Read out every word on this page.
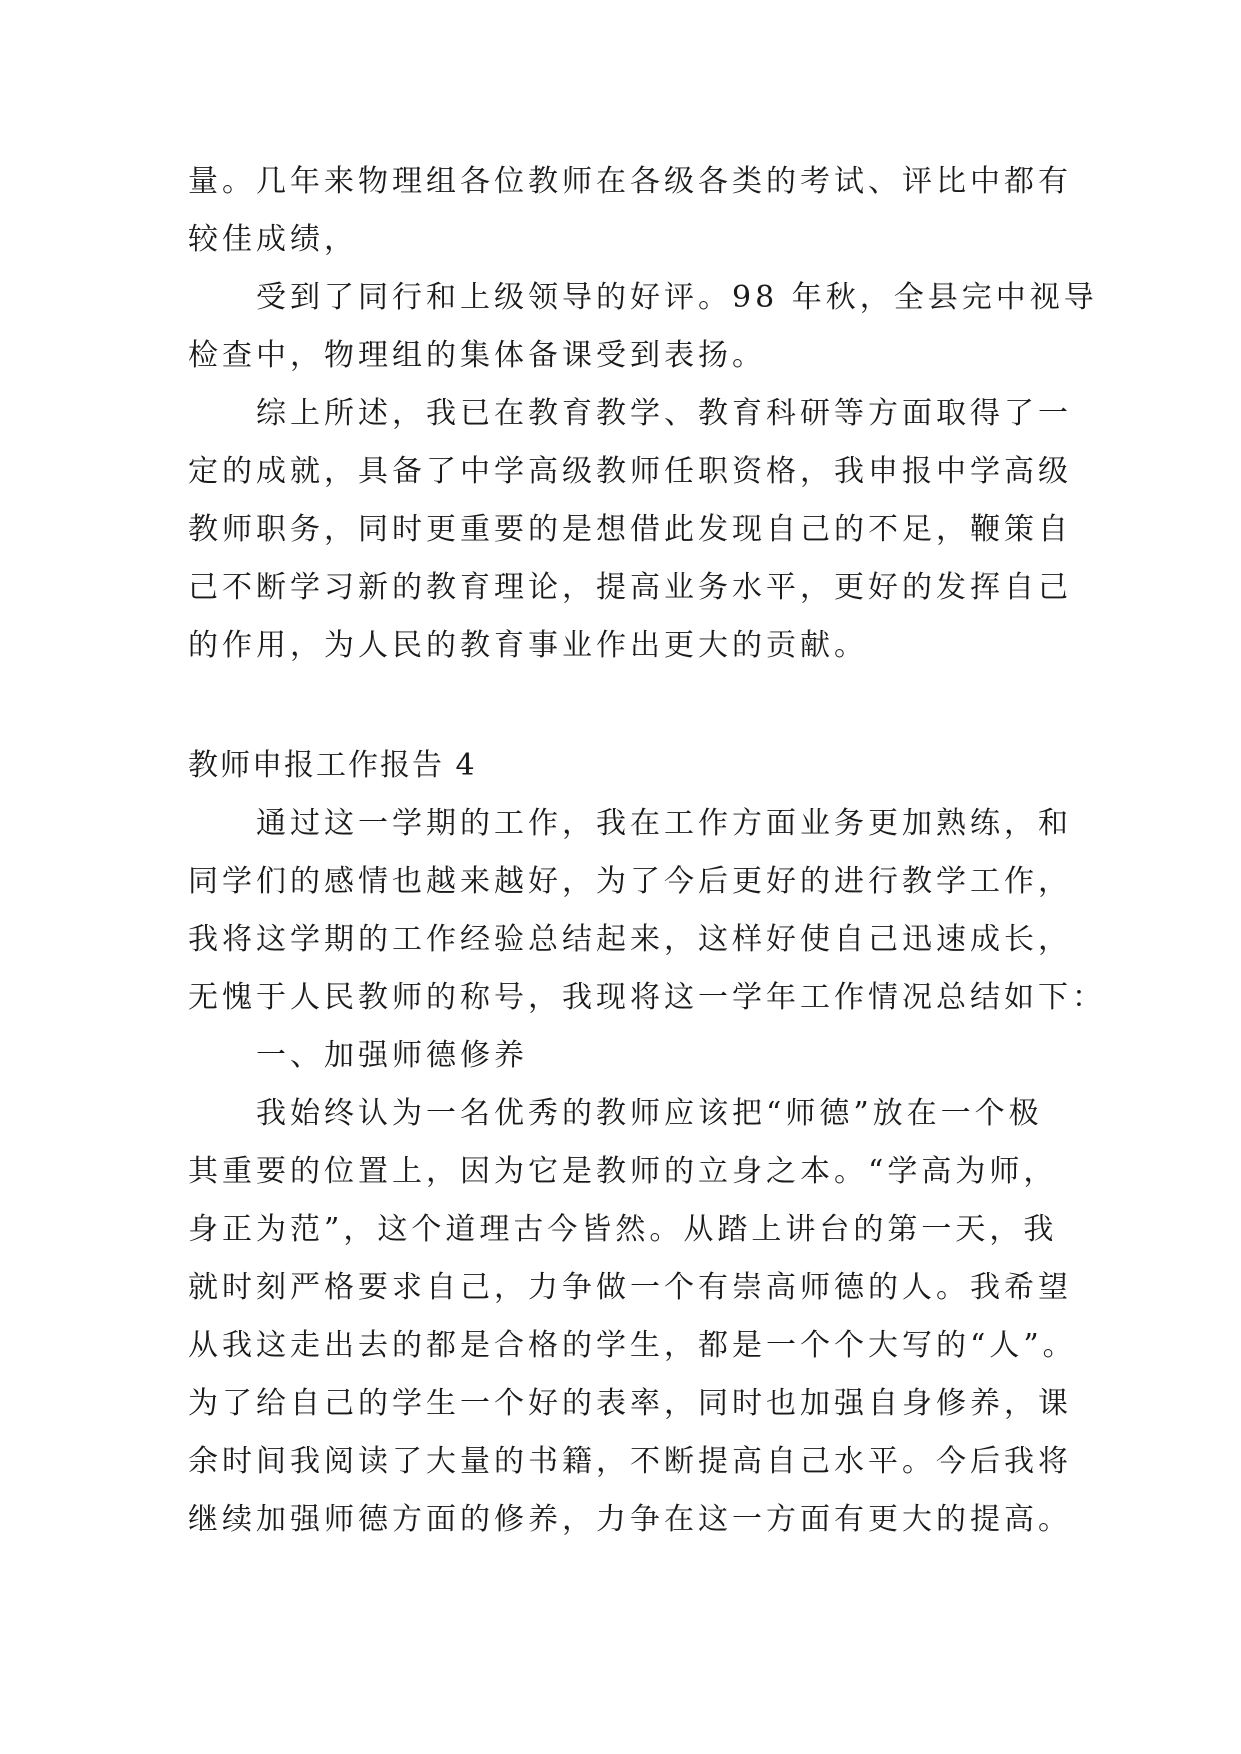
量。几年来物理组各位教师在各级各类的考试、评比中都有
较佳成绩，
受到了同行和上级领导的好评。98 年秋，全县完中视导
检查中，物理组的集体备课受到表扬。
综上所述，我已在教育教学、教育科研等方面取得了一
定的成就，具备了中学高级教师任职资格，我申报中学高级
教师职务，同时更重要的是想借此发现自己的不足，鞭策自
己不断学习新的教育理论，提高业务水平，更好的发挥自己
的作用，为人民的教育事业作出更大的贡献。
教师申报工作报告 4
通过这一学期的工作，我在工作方面业务更加熟练，和
同学们的感情也越来越好，为了今后更好的进行教学工作，
我将这学期的工作经验总结起来，这样好使自己迅速成长，
无愧于人民教师的称号，我现将这一学年工作情况总结如下：
一、加强师德修养
我始终认为一名优秀的教师应该把“师德”放在一个极
其重要的位置上，因为它是教师的立身之本。“学高为师，
身正为范”，这个道理古今皆然。从踏上讲台的第一天，我
就时刻严格要求自己，力争做一个有崇高师德的人。我希望
从我这走出去的都是合格的学生，都是一个个大写的“人”。
为了给自己的学生一个好的表率，同时也加强自身修养，课
余时间我阅读了大量的书籍，不断提高自己水平。今后我将
继续加强师德方面的修养，力争在这一方面有更大的提高。
